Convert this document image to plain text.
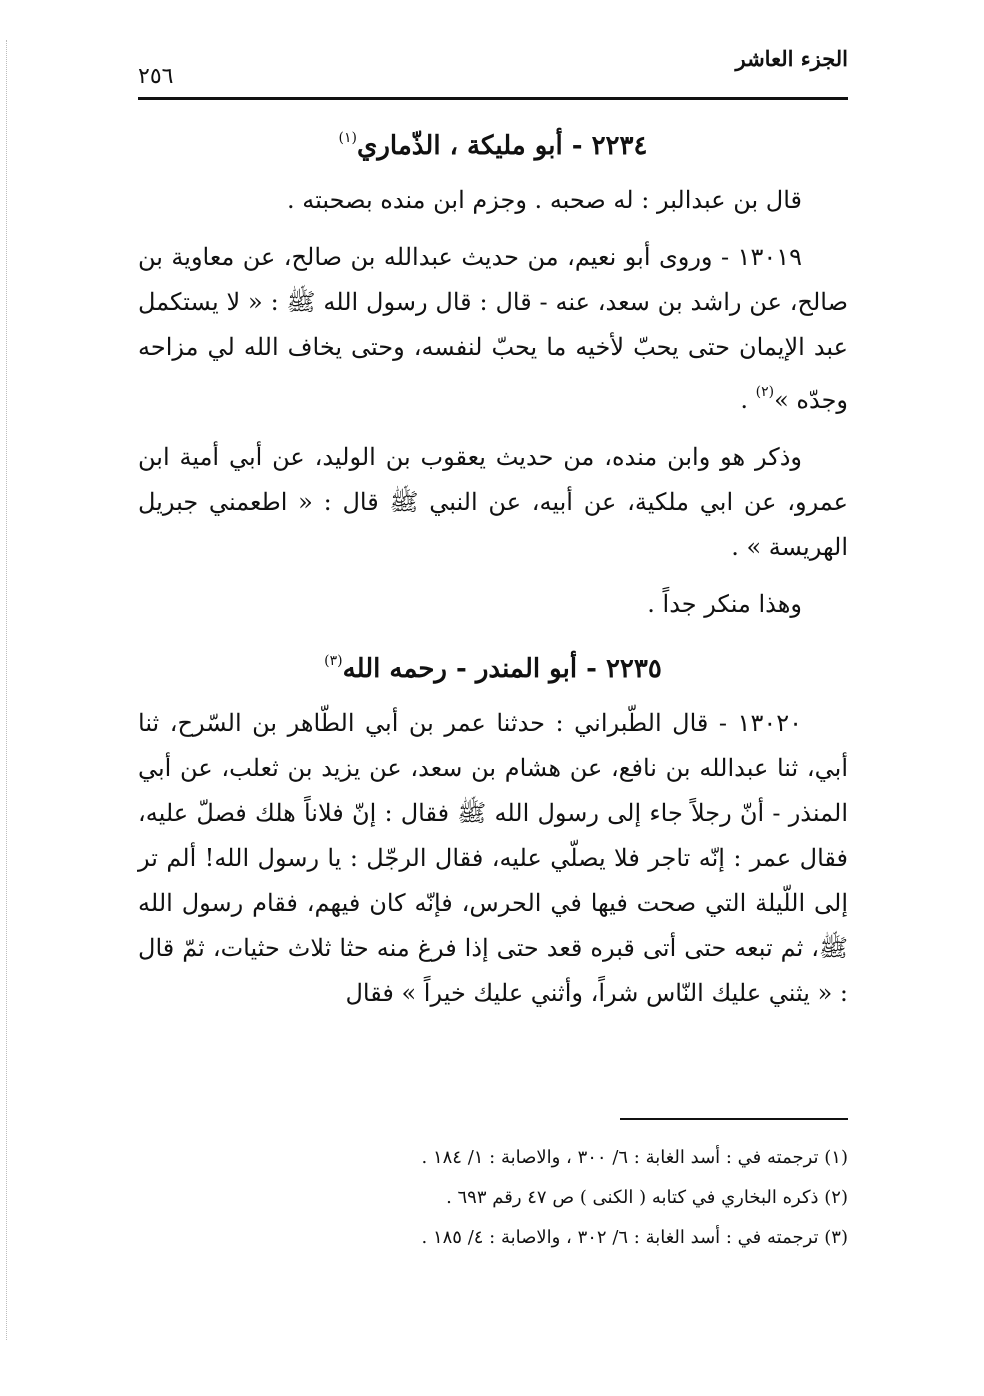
الجزء العاشر
٢٥٦
٢٢٣٤ - أبو مليكة ، الذّماري$^{(١)}$

قال بن عبدالبر : له صحبه . وجزم ابن منده بصحبته .

١٣٠١٩ - وروى أبو نعيم، من حديث عبدالله بن صالح، عن معاوية بن صالح، عن راشد بن سعد، عنه - قال : قال رسول الله ﷺ : « لا يستكمل عبد الإيمان حتى يحبّ لأخيه ما يحبّ لنفسه، وحتى يخاف الله لي مزاحه وجدّه »$^{(٢)}$ .

وذكر هو وابن منده، من حديث يعقوب بن الوليد، عن أبي أمية ابن عمرو، عن ابي ملكية، عن أبيه، عن النبي ﷺ قال : « اطعمني جبريل الهريسة » .

وهذا منكر جداً .

٢٢٣٥ - أبو المندر - رحمه الله$^{(٣)}$

١٣٠٢٠ - قال الطّبراني : حدثنا عمر بن أبي الطّاهر بن السّرح، ثنا أبي، ثنا عبدالله بن نافع، عن هشام بن سعد، عن يزيد بن ثعلب، عن أبي المنذر - أنّ رجلاً جاء إلى رسول الله ﷺ فقال : إنّ فلاناً هلك فصلّ عليه، فقال عمر : إنّه تاجر فلا يصلّي عليه، فقال الرجّل : يا رسول الله! ألم تر إلى اللّيلة التي صحت فيها في الحرس، فإنّه كان فيهم، فقام رسول الله ﷺ، ثم تبعه حتى أتى قبره قعد حتى إذا فرغ منه حثا ثلاث حثيات، ثمّ قال : « يثني عليك النّاس شراً، وأثني عليك خيراً » فقال

(١) ترجمته في : أسد الغابة : ٦/ ٣٠٠ ، والاصابة : ١/ ١٨٤ .
(٢) ذكره البخاري في كتابه ( الكنى ) ص ٤٧ رقم ٦٩٣ .
(٣) ترجمته في : أسد الغابة : ٦/ ٣٠٢ ، والاصابة : ٤/ ١٨٥ .
